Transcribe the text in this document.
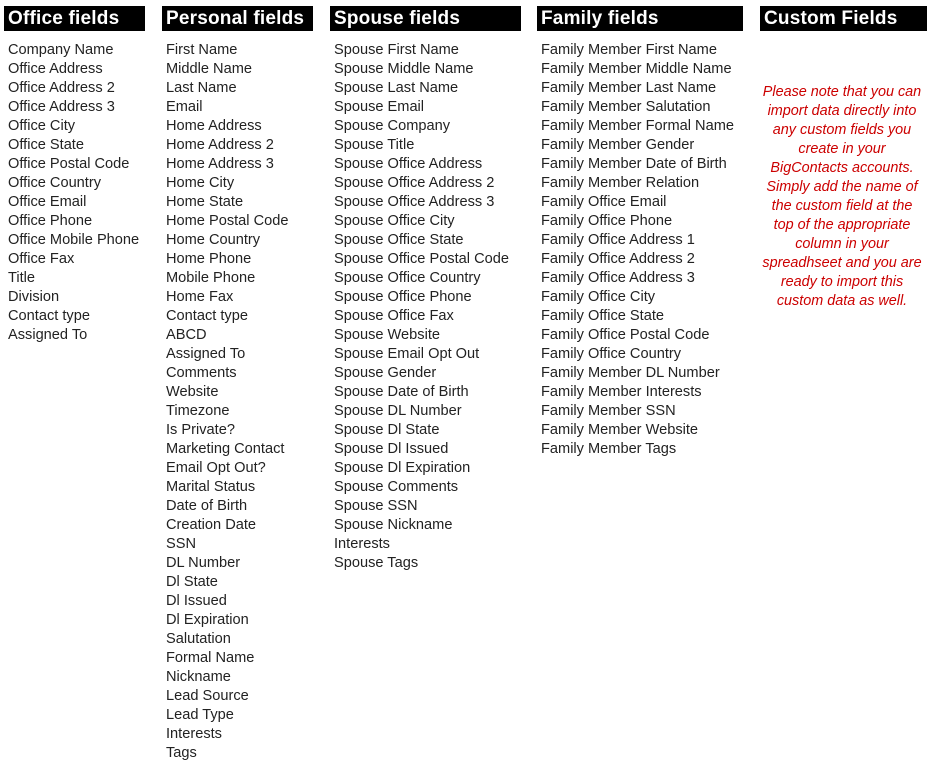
Office fields
Company Name
Office Address
Office Address 2
Office Address 3
Office City
Office State
Office Postal Code
Office Country
Office Email
Office Phone
Office Mobile Phone
Office Fax
Title
Division
Contact type
Assigned To
Personal fields
First Name
Middle Name
Last Name
Email
Home Address
Home Address 2
Home Address 3
Home City
Home State
Home Postal Code
Home Country
Home Phone
Mobile Phone
Home Fax
Contact type
ABCD
Assigned To
Comments
Website
Timezone
Is Private?
Marketing Contact
Email Opt Out?
Marital Status
Date of Birth
Creation Date
SSN
DL Number
Dl State
Dl Issued
Dl Expiration
Salutation
Formal Name
Nickname
Lead Source
Lead Type
Interests
Tags
Spouse fields
Spouse First Name
Spouse Middle Name
Spouse Last Name
Spouse Email
Spouse Company
Spouse Title
Spouse Office Address
Spouse Office Address 2
Spouse Office Address 3
Spouse Office City
Spouse Office State
Spouse Office Postal Code
Spouse Office Country
Spouse Office Phone
Spouse Office Fax
Spouse Website
Spouse Email Opt Out
Spouse Gender
Spouse Date of Birth
Spouse DL Number
Spouse Dl State
Spouse Dl Issued
Spouse Dl Expiration
Spouse Comments
Spouse SSN
Spouse Nickname
Interests
Spouse Tags
Family fields
Family Member First Name
Family Member Middle Name
Family Member Last Name
Family Member Salutation
Family Member Formal Name
Family Member Gender
Family Member Date of Birth
Family Member Relation
Family Office Email
Family Office Phone
Family Office Address 1
Family Office Address 2
Family Office Address 3
Family Office City
Family Office State
Family Office Postal Code
Family Office Country
Family Member DL Number
Family Member Interests
Family Member SSN
Family Member Website
Family Member Tags
Custom Fields
Please note that you can import data directly into any custom fields you create in your BigContacts accounts. Simply add the name of the custom field at the top of the appropriate column in your spreadhseet and you are ready to import this custom data as well.
